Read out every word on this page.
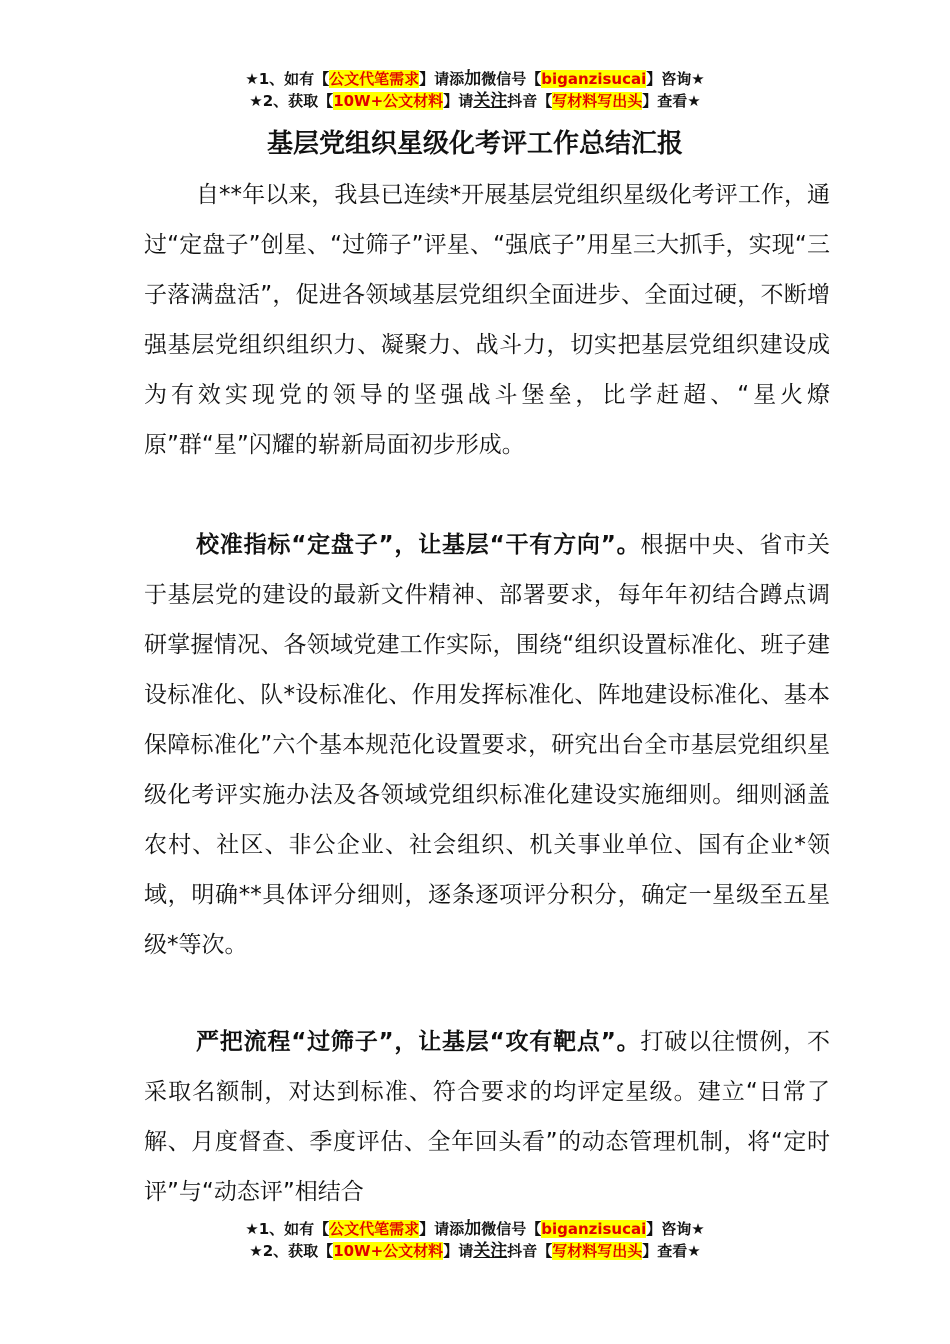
★1、如有【公文代笔需求】请添加微信号【biganzisucai】咨询★
★2、获取【10W+公文材料】请关注抖音【写材料写出头】查看★
基层党组织星级化考评工作总结汇报

自**年以来，我县已连续*开展基层党组织星级化考评工作，通过“定盘子”创星、“过筛子”评星、“强底子”用星三大抓手，实现“三子落满盘活”，促进各领域基层党组织全面进步、全面过硬，不断增强基层党组织组织力、凝聚力、战斗力，切实把基层党组织建设成为有效实现党的领导的坚强战斗堡垒，比学赶超、“星火燎原”群“星”闪耀的崭新局面初步形成。

校准指标“定盘子”，让基层“干有方向”。根据中央、省市关于基层党的建设的最新文件精神、部署要求，每年年初结合蹲点调研掌握情况、各领域党建工作实际，围绕“组织设置标准化、班子建设标准化、队*设标准化、作用发挥标准化、阵地建设标准化、基本保障标准化”六个基本规范化设置要求，研究出台全市基层党组织星级化考评实施办法及各领域党组织标准化建设实施细则。细则涵盖农村、社区、非公企业、社会组织、机关事业单位、国有企业*领域，明确**具体评分细则，逐条逐项评分积分，确定一星级至五星级*等次。

严把流程“过筛子”，让基层“攻有靶点”。打破以往惯例，不采取名额制，对达到标准、符合要求的均评定星级。建立“日常了解、月度督查、季度评估、全年回头看”的动态管理机制，将“定时评”与“动态评”相结合

★1、如有【公文代笔需求】请添加微信号【biganzisucai】咨询★
★2、获取【10W+公文材料】请关注抖音【写材料写出头】查看★
